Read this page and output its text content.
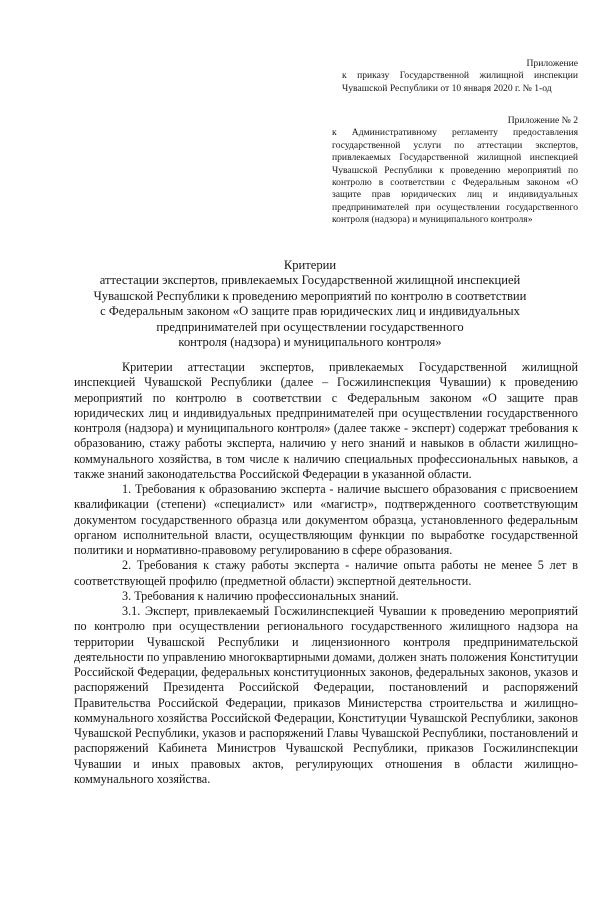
Приложение
к приказу Государственной жилищной инспекции Чувашской Республики от 10 января 2020 г. № 1-од
Приложение № 2
к Административному регламенту предоставления государственной услуги по аттестации экспертов, привлекаемых Государственной жилищной инспекцией Чувашской Республики к проведению мероприятий по контролю в соответствии с Федеральным законом «О защите прав юридических лиц и индивидуальных предпринимателей при осуществлении государственного контроля (надзора) и муниципального контроля»
Критерии
аттестации экспертов, привлекаемых Государственной жилищной инспекцией
Чувашской Республики к проведению мероприятий по контролю в соответствии
с Федеральным законом «О защите прав юридических лиц и индивидуальных
предпринимателей при осуществлении государственного
контроля (надзора) и муниципального контроля»

Критерии аттестации экспертов, привлекаемых Государственной жилищной инспекцией Чувашской Республики (далее – Госжилинспекция Чувашии) к проведению мероприятий по контролю в соответствии с Федеральным законом «О защите прав юридических лиц и индивидуальных предпринимателей при осуществлении государственного контроля (надзора) и муниципального контроля» (далее также - эксперт) содержат требования к образованию, стажу работы эксперта, наличию у него знаний и навыков в области жилищно-коммунального хозяйства, в том числе к наличию специальных профессиональных навыков, а также знаний законодательства Российской Федерации в указанной области.

1. Требования к образованию эксперта - наличие высшего образования с присвоением квалификации (степени) «специалист» или «магистр», подтвержденного соответствующим документом государственного образца или документом образца, установленного федеральным органом исполнительной власти, осуществляющим функции по выработке государственной политики и нормативно-правовому регулированию в сфере образования.

2. Требования к стажу работы эксперта - наличие опыта работы не менее 5 лет в соответствующей профилю (предметной области) экспертной деятельности.

3. Требования к наличию профессиональных знаний.

3.1. Эксперт, привлекаемый Госжилинспекцией Чувашии к проведению мероприятий по контролю при осуществлении регионального государственного жилищного надзора на территории Чувашской Республики и лицензионного контроля предпринимательской деятельности по управлению многоквартирными домами, должен знать положения Конституции Российской Федерации, федеральных конституционных законов, федеральных законов, указов и распоряжений Президента Российской Федерации, постановлений и распоряжений Правительства Российской Федерации, приказов Министерства строительства и жилищно-коммунального хозяйства Российской Федерации, Конституции Чувашской Республики, законов Чувашской Республики, указов и распоряжений Главы Чувашской Республики, постановлений и распоряжений Кабинета Министров Чувашской Республики, приказов Госжилинспекции Чувашии и иных правовых актов, регулирующих отношения в области жилищно-коммунального хозяйства.
